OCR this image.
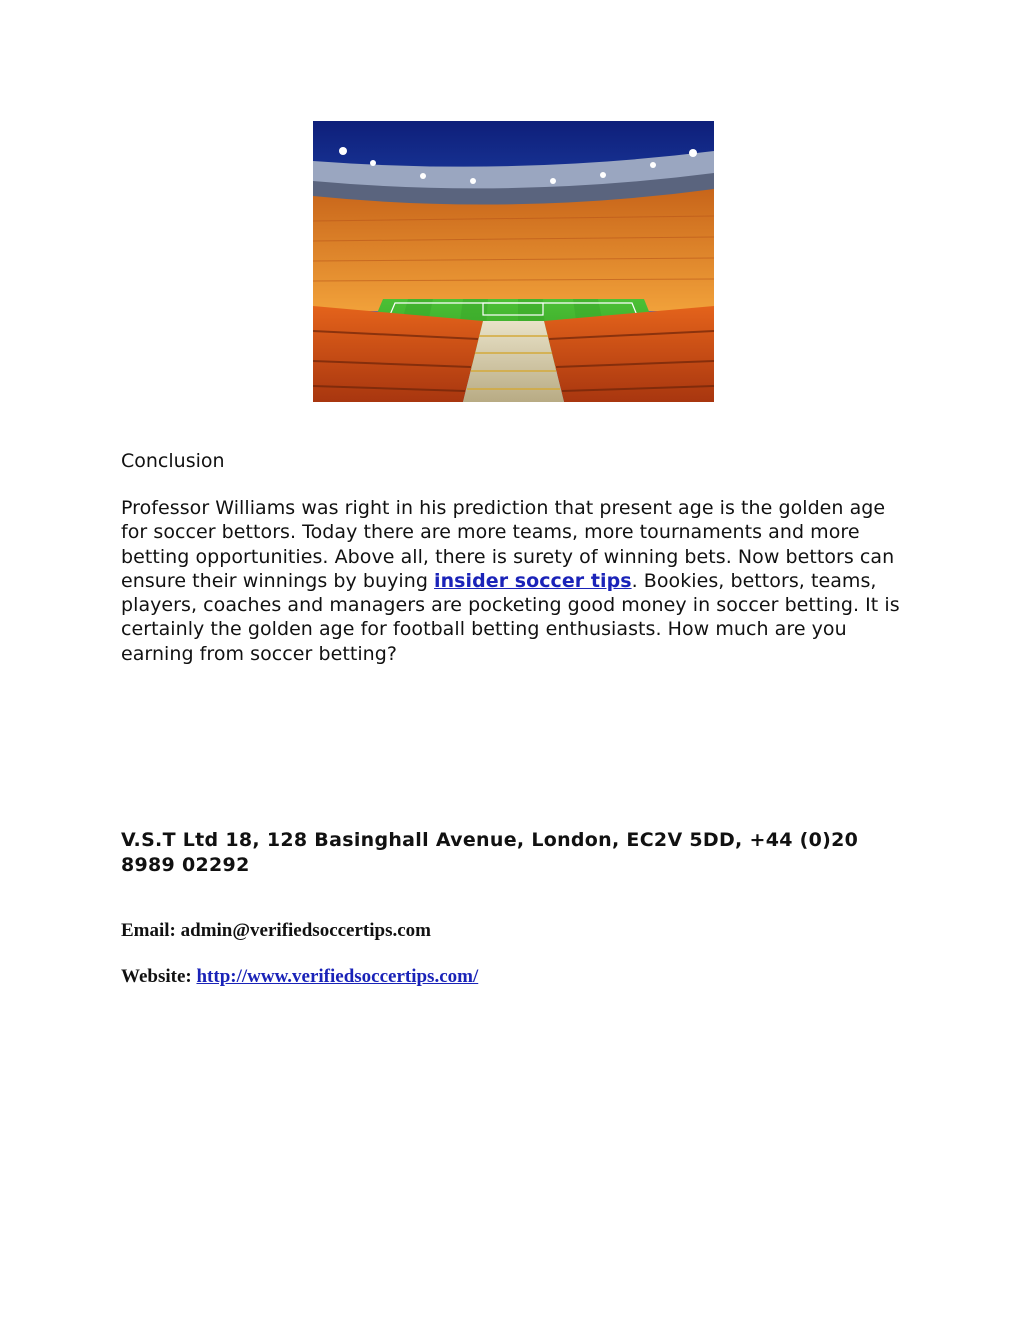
Conclusion

Professor Williams was right in his prediction that present age is the golden age for soccer bettors. Today there are more teams, more tournaments and more betting opportunities. Above all, there is surety of winning bets. Now bettors can ensure their winnings by buying insider soccer tips. Bookies, bettors, teams, players, coaches and managers are pocketing good money in soccer betting. It is certainly the golden age for football betting enthusiasts. How much are you earning from soccer betting?

V.S.T Ltd 18, 128 Basinghall Avenue, London, EC2V 5DD, +44 (0)20 8989 02292
Email: admin@verifiedsoccertips.com
Website: http://www.verifiedsoccertips.com/
